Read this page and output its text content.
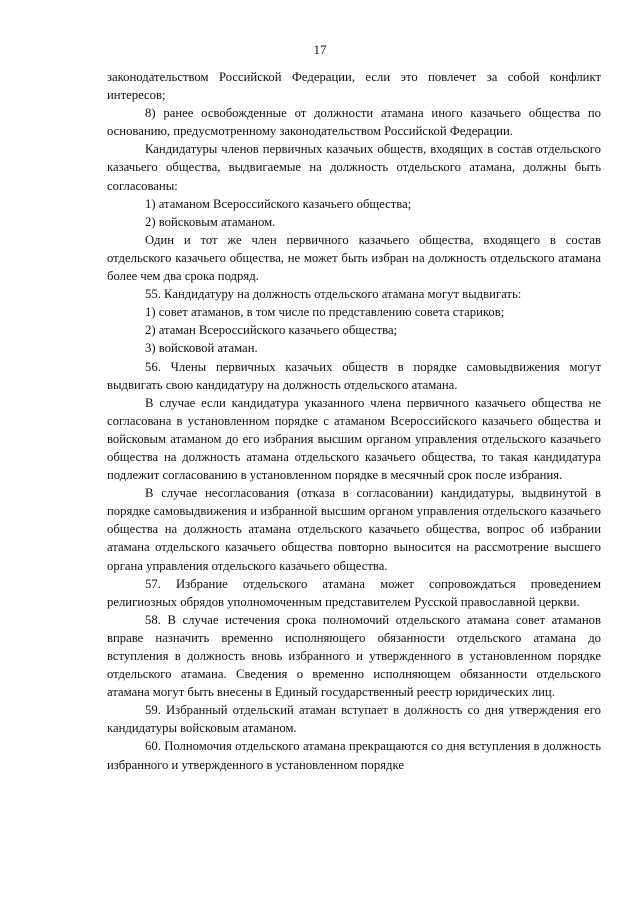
17

законодательством Российской Федерации, если это повлечет за собой конфликт интересов;

8) ранее освобожденные от должности атамана иного казачьего общества по основанию, предусмотренному законодательством Российской Федерации.

Кандидатуры членов первичных казачьих обществ, входящих в состав отдельского казачьего общества, выдвигаемые на должность отдельского атамана, должны быть согласованы:

1) атаманом Всероссийского казачьего общества;

2) войсковым атаманом.

Один и тот же член первичного казачьего общества, входящего в состав отдельского казачьего общества, не может быть избран на должность отдельского атамана более чем два срока подряд.

55. Кандидатуру на должность отдельского атамана могут выдвигать:

1) совет атаманов, в том числе по представлению совета стариков;

2) атаман Всероссийского казачьего общества;

3) войсковой атаман.

56. Члены первичных казачьих обществ в порядке самовыдвижения могут выдвигать свою кандидатуру на должность отдельского атамана.

В случае если кандидатура указанного члена первичного казачьего общества не согласована в установленном порядке с атаманом Всероссийского казачьего общества и войсковым атаманом до его избрания высшим органом управления отдельского казачьего общества на должность атамана отдельского казачьего общества, то такая кандидатура подлежит согласованию в установленном порядке в месячный срок после избрания.

В случае несогласования (отказа в согласовании) кандидатуры, выдвинутой в порядке самовыдвижения и избранной высшим органом управления отдельского казачьего общества на должность атамана отдельского казачьего общества, вопрос об избрании атамана отдельского казачьего общества повторно выносится на рассмотрение высшего органа управления отдельского казачьего общества.

57. Избрание отдельского атамана может сопровождаться проведением религиозных обрядов уполномоченным представителем Русской православной церкви.

58. В случае истечения срока полномочий отдельского атамана совет атаманов вправе назначить временно исполняющего обязанности отдельского атамана до вступления в должность вновь избранного и утвержденного в установленном порядке отдельского атамана. Сведения о временно исполняющем обязанности отдельского атамана могут быть внесены в Единый государственный реестр юридических лиц.

59. Избранный отдельский атаман вступает в должность со дня утверждения его кандидатуры войсковым атаманом.

60. Полномочия отдельского атамана прекращаются со дня вступления в должность избранного и утвержденного в установленном порядке
